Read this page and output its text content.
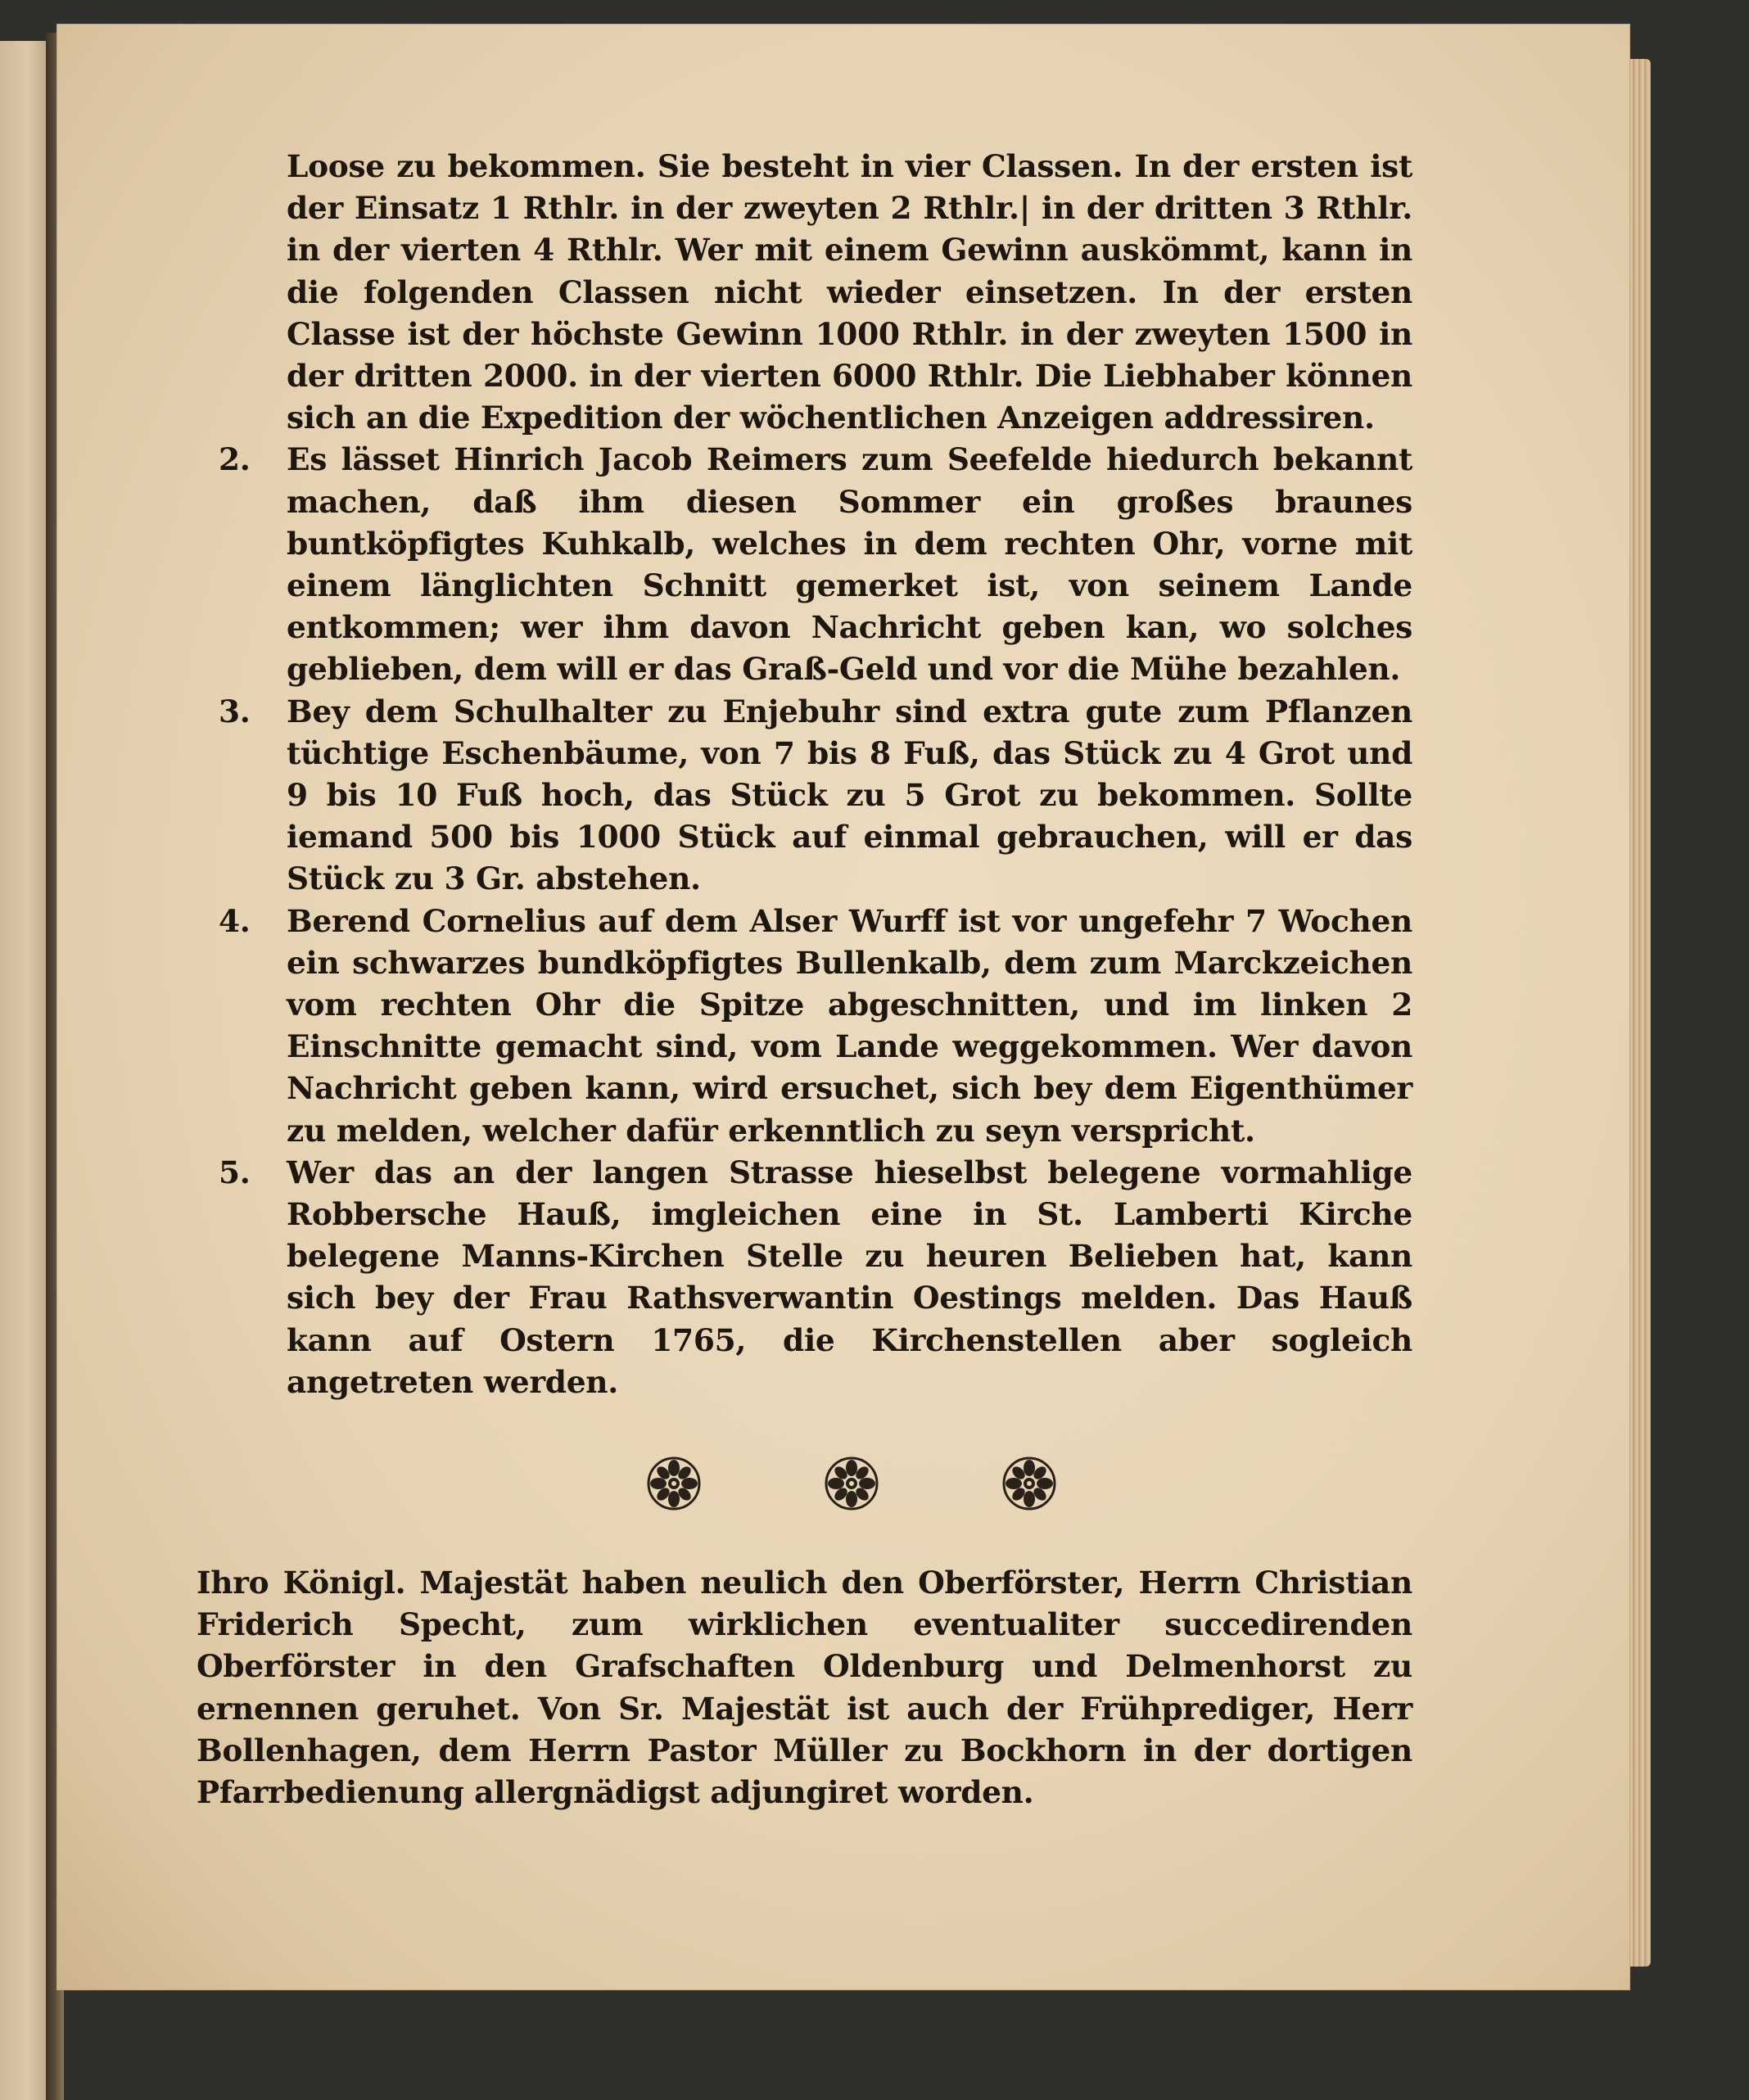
Loose zu bekommen. Sie besteht in vier Classen. In der ersten ist der Einsatz 1 Rthlr. in der zweyten 2 Rthlr.| in der dritten 3 Rthlr. in der vierten 4 Rthlr. Wer mit einem Gewinn auskömmt, kann in die folgenden Classen nicht wieder einsetzen. In der ersten Classe ist der höchste Gewinn 1000 Rthlr. in der zweyten 1500 in der dritten 2000. in der vierten 6000 Rthlr. Die Liebhaber können sich an die Expedition der wöchentlichen Anzeigen addressiren.

2.	Es lässet Hinrich Jacob Reimers zum Seefelde hiedurch bekannt machen, daß ihm diesen Sommer ein großes braunes buntköpfigtes Kuhkalb, welches in dem rechten Ohr, vorne mit einem länglichten Schnitt gemerket ist, von seinem Lande entkommen; wer ihm davon Nachricht geben kan, wo solches geblieben, dem will er das Graß-Geld und vor die Mühe bezahlen.

3.	Bey dem Schulhalter zu Enjebuhr sind extra gute zum Pflanzen tüchtige Eschenbäume, von 7 bis 8 Fuß, das Stück zu 4 Grot und 9 bis 10 Fuß hoch, das Stück zu 5 Grot zu bekommen. Sollte iemand 500 bis 1000 Stück auf einmal gebrauchen, will er das Stück zu 3 Gr. abstehen.

4.	Berend Cornelius auf dem Alser Wurff ist vor ungefehr 7 Wochen ein schwarzes bundköpfigtes Bullenkalb, dem zum Marckzeichen vom rechten Ohr die Spitze abgeschnitten, und im linken 2 Einschnitte gemacht sind, vom Lande weggekommen. Wer davon Nachricht geben kann, wird ersuchet, sich bey dem Eigenthümer zu melden, welcher dafür erkenntlich zu seyn verspricht.

5.	Wer das an der langen Strasse hieselbst belegene vormahlige Robbersche Hauß, imgleichen eine in St. Lamberti Kirche belegene Manns-Kirchen Stelle zu heuren Belieben hat, kann sich bey der Frau Rathsverwantin Oestings melden. Das Hauß kann auf Ostern 1765, die Kirchenstellen aber sogleich angetreten werden.

Ihro Königl. Majestät haben neulich den Oberförster, Herrn Christian Friderich Specht, zum wirklichen eventualiter succedirenden Oberförster in den Grafschaften Oldenburg und Delmenhorst zu ernennen geruhet. Von Sr. Majestät ist auch der Frühprediger, Herr Bollenhagen, dem Herrn Pastor Müller zu Bockhorn in der dortigen Pfarrbedienung allergnädigst adjungiret worden.
